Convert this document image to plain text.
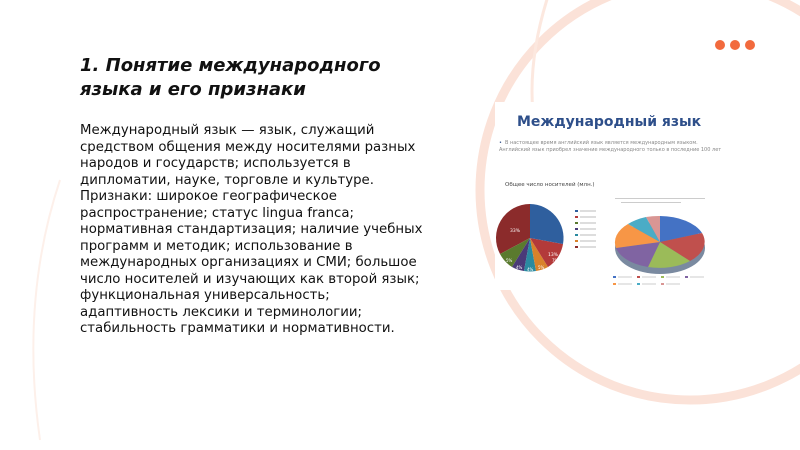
1. Понятие международного языка и его признаки
Международный язык — язык, служащий средством общения между носителями разных народов и государств; используется в дипломатии, науке, торговле и культуре. Признаки: широкое географическое распространение; статус lingua franca; нормативная стандартизация; наличие учебных программ и методик; использование в международных организациях и СМИ; большое число носителей и изучающих как второй язык; функциональная универсальность; адаптивность лексики и терминологии; стабильность грамматики и нормативности.
Международный язык
• В настоящее время английский язык является международным языком. Английский язык приобрел значение международного только в последние 100 лет
Общее число носителей (млн.)
33%
13%
5%
4% 4% 5%
7%
